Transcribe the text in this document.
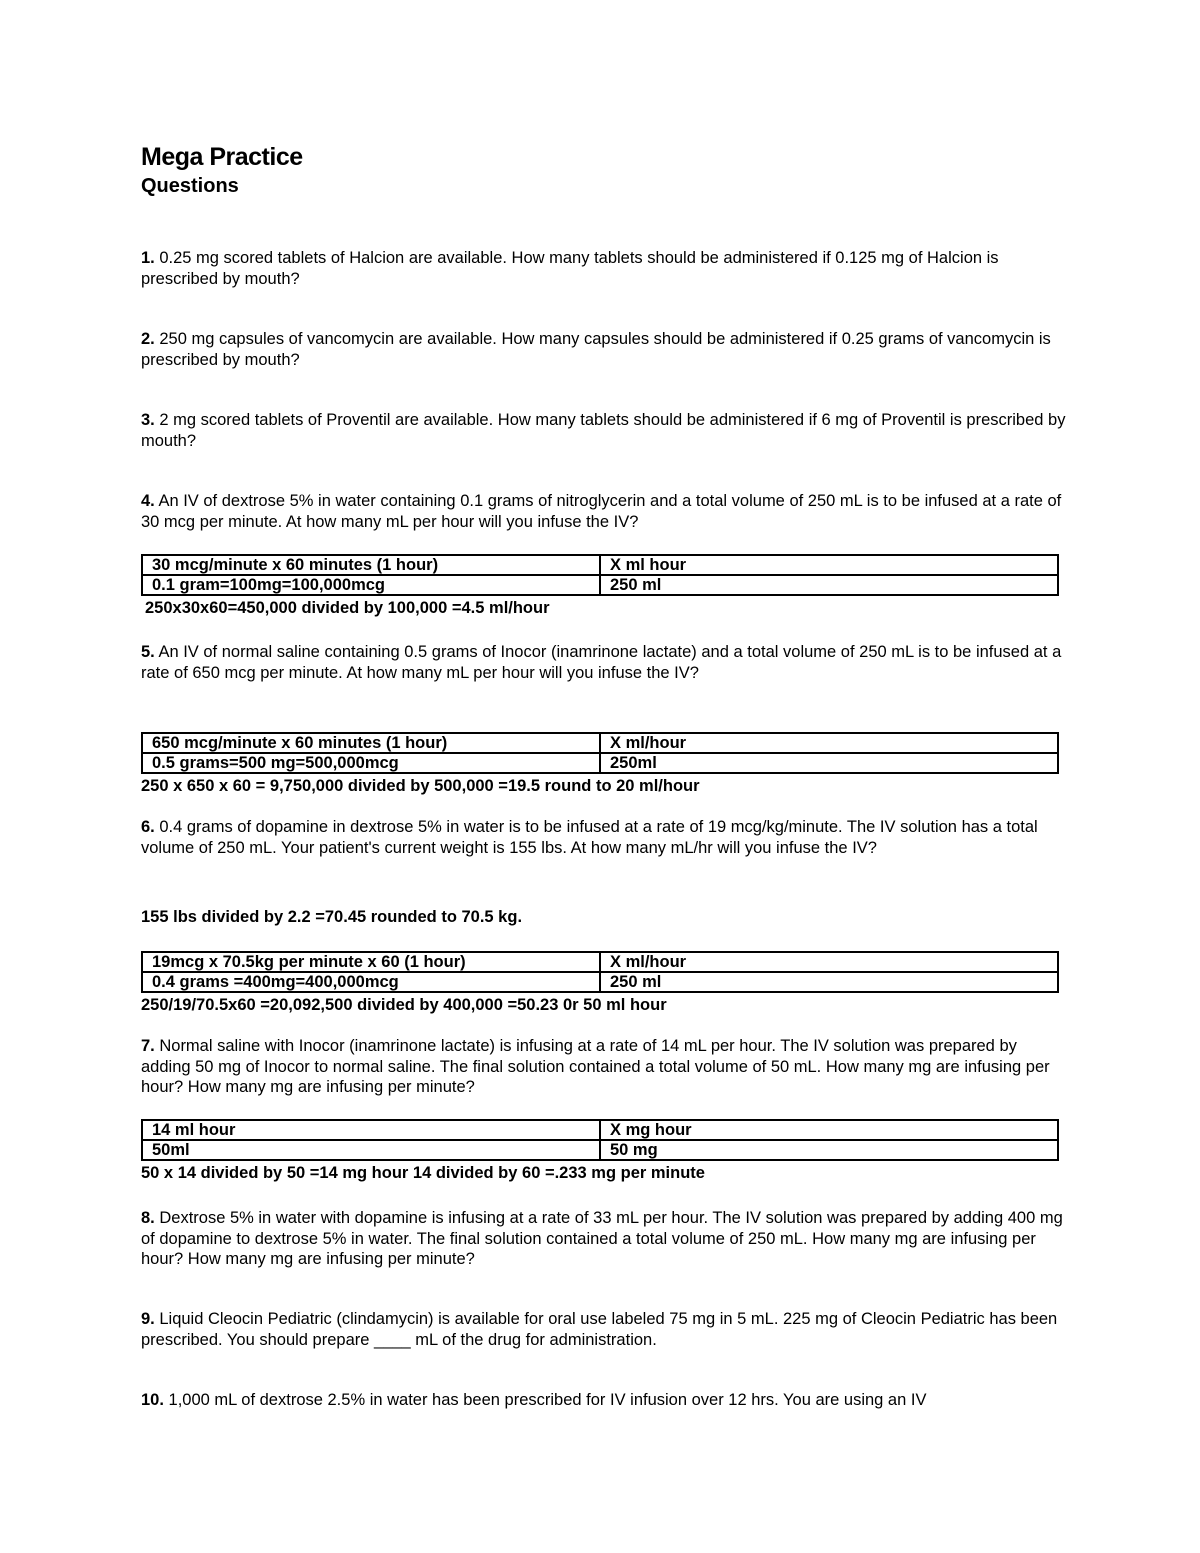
Mega Practice
Questions
1. 0.25 mg scored tablets of Halcion are available. How many tablets should be administered if 0.125 mg of Halcion is prescribed by mouth?
2. 250 mg capsules of vancomycin are available. How many capsules should be administered if 0.25 grams of vancomycin is prescribed by mouth?
3. 2 mg scored tablets of Proventil are available. How many tablets should be administered if 6 mg of Proventil is prescribed by mouth?
4. An IV of dextrose 5% in water containing 0.1 grams of nitroglycerin and a total volume of 250 mL is to be infused at a rate of 30 mcg per minute. At how many mL per hour will you infuse the IV?
30 mcg/minute x 60 minutes (1 hour)	X ml hour
0.1 gram=100mg=100,000mcg	250 ml
250x30x60=450,000 divided by 100,000 =4.5 ml/hour
5. An IV of normal saline containing 0.5 grams of Inocor (inamrinone lactate) and a total volume of 250 mL is to be infused at a rate of 650 mcg per minute. At how many mL per hour will you infuse the IV?
650 mcg/minute x 60 minutes (1 hour)	X ml/hour
0.5 grams=500 mg=500,000mcg	250ml
250 x 650 x 60 = 9,750,000 divided by 500,000 =19.5 round to 20 ml/hour
6. 0.4 grams of dopamine in dextrose 5% in water is to be infused at a rate of 19 mcg/kg/minute. The IV solution has a total volume of 250 mL. Your patient's current weight is 155 lbs. At how many mL/hr will you infuse the IV?
155 lbs divided by 2.2 =70.45 rounded to 70.5 kg.
19mcg x 70.5kg per minute x 60 (1 hour)	X ml/hour
0.4 grams =400mg=400,000mcg	250 ml
250/19/70.5x60 =20,092,500 divided by 400,000 =50.23 0r 50 ml hour
7. Normal saline with Inocor (inamrinone lactate) is infusing at a rate of 14 mL per hour. The IV solution was prepared by adding 50 mg of Inocor to normal saline. The final solution contained a total volume of 50 mL. How many mg are infusing per hour? How many mg are infusing per minute?
14 ml hour	X mg hour
50ml	50 mg
50 x 14 divided by 50 =14 mg hour 14 divided by 60 =.233 mg per minute
8. Dextrose 5% in water with dopamine is infusing at a rate of 33 mL per hour. The IV solution was prepared by adding 400 mg of dopamine to dextrose 5% in water. The final solution contained a total volume of 250 mL. How many mg are infusing per hour? How many mg are infusing per minute?
9. Liquid Cleocin Pediatric (clindamycin) is available for oral use labeled 75 mg in 5 mL. 225 mg of Cleocin Pediatric has been prescribed. You should prepare ____ mL of the drug for administration.
10. 1,000 mL of dextrose 2.5% in water has been prescribed for IV infusion over 12 hrs. You are using an IV
